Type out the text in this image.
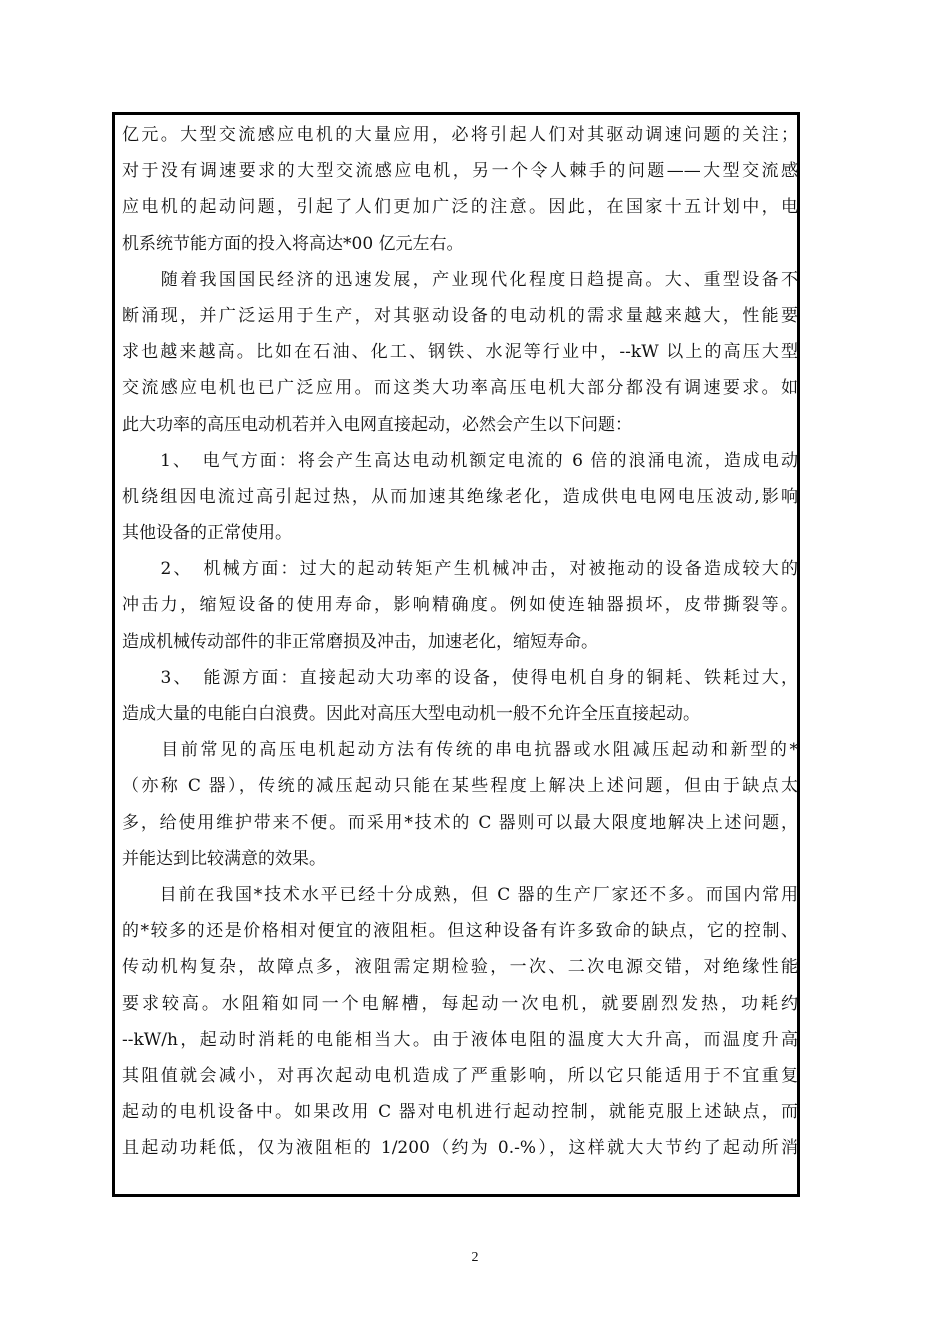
亿元。大型交流感应电机的大量应用，必将引起人们对其驱动调速问题的关注；
对于没有调速要求的大型交流感应电机，另一个令人棘手的问题——大型交流感
应电机的起动问题，引起了人们更加广泛的注意。因此，在国家十五计划中，电
机系统节能方面的投入将高达*00 亿元左右。
　　随着我国国民经济的迅速发展，产业现代化程度日趋提高。大、重型设备不
断涌现，并广泛运用于生产，对其驱动设备的电动机的需求量越来越大，性能要
求也越来越高。比如在石油、化工、钢铁、水泥等行业中，--kW 以上的高压大型
交流感应电机也已广泛应用。而这类大功率高压电机大部分都没有调速要求。如
此大功率的高压电动机若并入电网直接起动，必然会产生以下问题：
　　1、　电气方面：将会产生高达电动机额定电流的 6 倍的浪涌电流，造成电动
机绕组因电流过高引起过热，从而加速其绝缘老化，造成供电电网电压波动,影响
其他设备的正常使用。
　　2、　机械方面：过大的起动转矩产生机械冲击，对被拖动的设备造成较大的
冲击力，缩短设备的使用寿命，影响精确度。例如使连轴器损坏，皮带撕裂等。
造成机械传动部件的非正常磨损及冲击，加速老化，缩短寿命。
　　3、　能源方面：直接起动大功率的设备，使得电机自身的铜耗、铁耗过大，
造成大量的电能白白浪费。因此对高压大型电动机一般不允许全压直接起动。
　　目前常见的高压电机起动方法有传统的串电抗器或水阻减压起动和新型的*
（亦称 C 器），传统的减压起动只能在某些程度上解决上述问题，但由于缺点太
多，给使用维护带来不便。而采用*技术的 C 器则可以最大限度地解决上述问题，
并能达到比较满意的效果。
　　目前在我国*技术水平已经十分成熟，但 C 器的生产厂家还不多。而国内常用
的*较多的还是价格相对便宜的液阻柜。但这种设备有许多致命的缺点，它的控制、
传动机构复杂，故障点多，液阻需定期检验，一次、二次电源交错，对绝缘性能
要求较高。水阻箱如同一个电解槽，每起动一次电机，就要剧烈发热，功耗约
--kW/h，起动时消耗的电能相当大。由于液体电阻的温度大大升高，而温度升高
其阻值就会减小，对再次起动电机造成了严重影响，所以它只能适用于不宜重复
起动的电机设备中。如果改用 C 器对电机进行起动控制，就能克服上述缺点，而
且起动功耗低，仅为液阻柜的 1/200（约为 0.-%），这样就大大节约了起动所消
2
